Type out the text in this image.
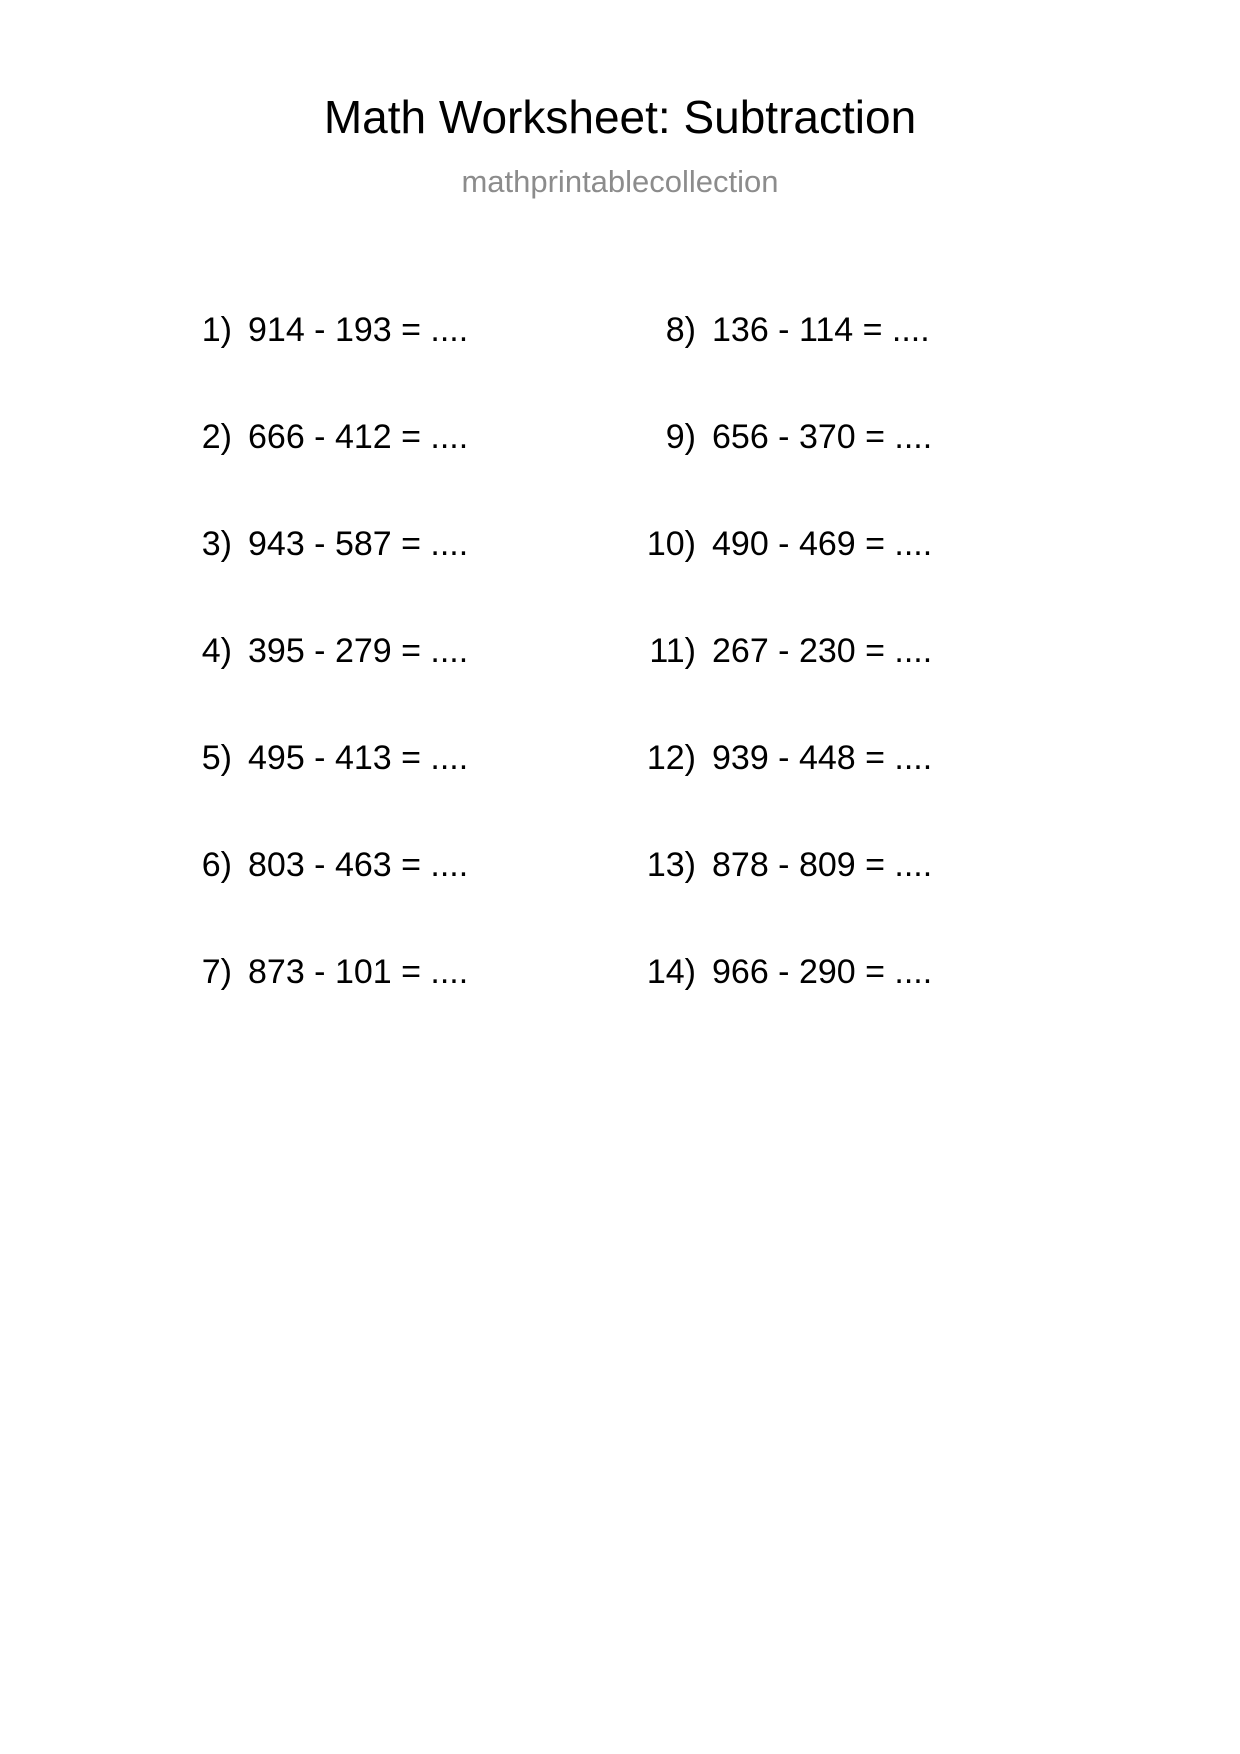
Math Worksheet: Subtraction
mathprintablecollection
1) 914 - 193 = ....
2) 666 - 412 = ....
3) 943 - 587 = ....
4) 395 - 279 = ....
5) 495 - 413 = ....
6) 803 - 463 = ....
7) 873 - 101 = ....
8) 136 - 114 = ....
9) 656 - 370 = ....
10) 490 - 469 = ....
11) 267 - 230 = ....
12) 939 - 448 = ....
13) 878 - 809 = ....
14) 966 - 290 = ....
